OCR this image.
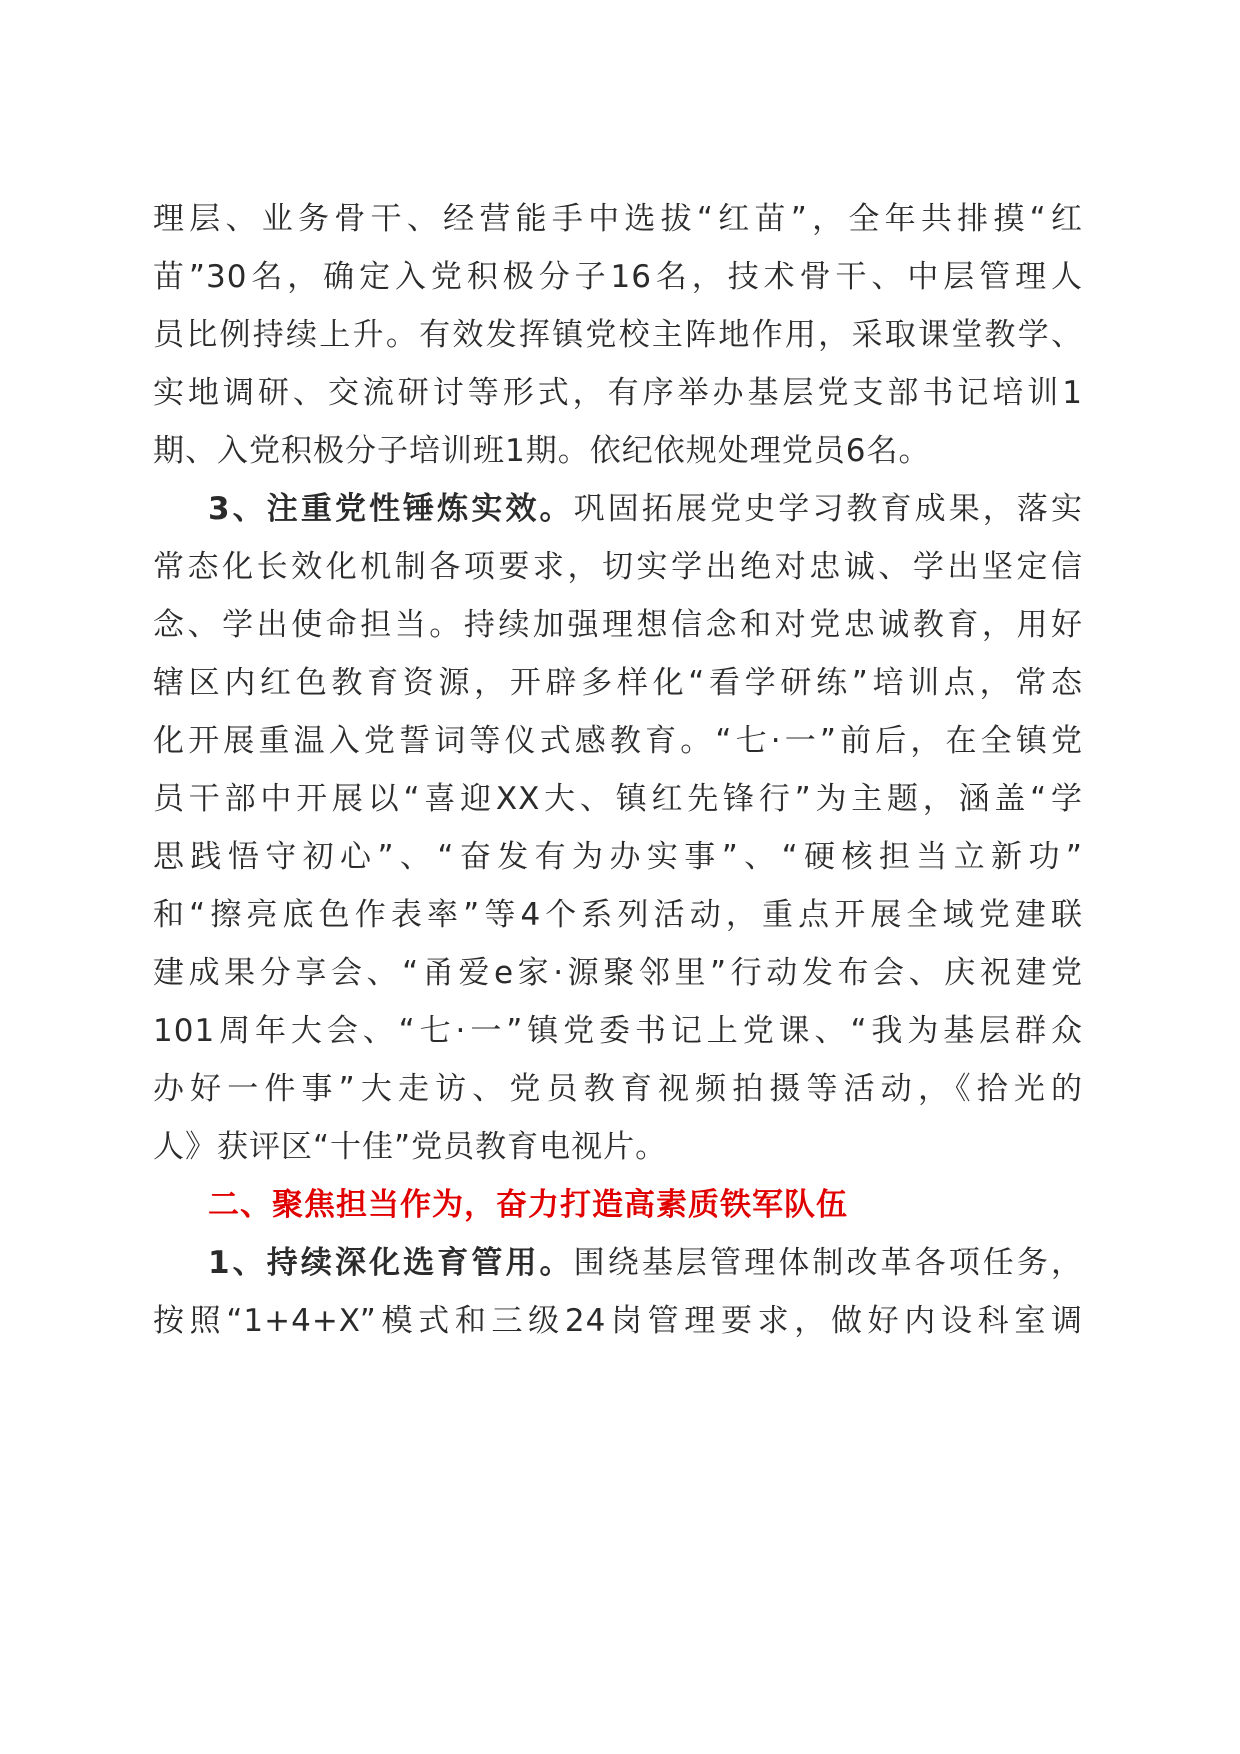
理层、业务骨干、经营能手中选拔“红苗”，全年共排摸“红
苗”30名，确定入党积极分子16名，技术骨干、中层管理人
员比例持续上升。有效发挥镇党校主阵地作用，采取课堂教学、
实地调研、交流研讨等形式，有序举办基层党支部书记培训1
期、入党积极分子培训班1期。依纪依规处理党员6名。
3、注重党性锤炼实效。巩固拓展党史学习教育成果，落实
常态化长效化机制各项要求，切实学出绝对忠诚、学出坚定信
念、学出使命担当。持续加强理想信念和对党忠诚教育，用好
辖区内红色教育资源，开辟多样化“看学研练”培训点，常态
化开展重温入党誓词等仪式感教育。“七·一”前后，在全镇党
员干部中开展以“喜迎XX大、镇红先锋行”为主题，涵盖“学
思践悟守初心”、“奋发有为办实事”、“硬核担当立新功”
和“擦亮底色作表率”等4个系列活动，重点开展全域党建联
建成果分享会、“甬爱e家·源聚邻里”行动发布会、庆祝建党
101周年大会、“七·一”镇党委书记上党课、“我为基层群众
办好一件事”大走访、党员教育视频拍摄等活动，《拾光的
人》获评区“十佳”党员教育电视片。
二、聚焦担当作为，奋力打造高素质铁军队伍
1、持续深化选育管用。围绕基层管理体制改革各项任务，
按照“1+4+X”模式和三级24岗管理要求，做好内设科室调
